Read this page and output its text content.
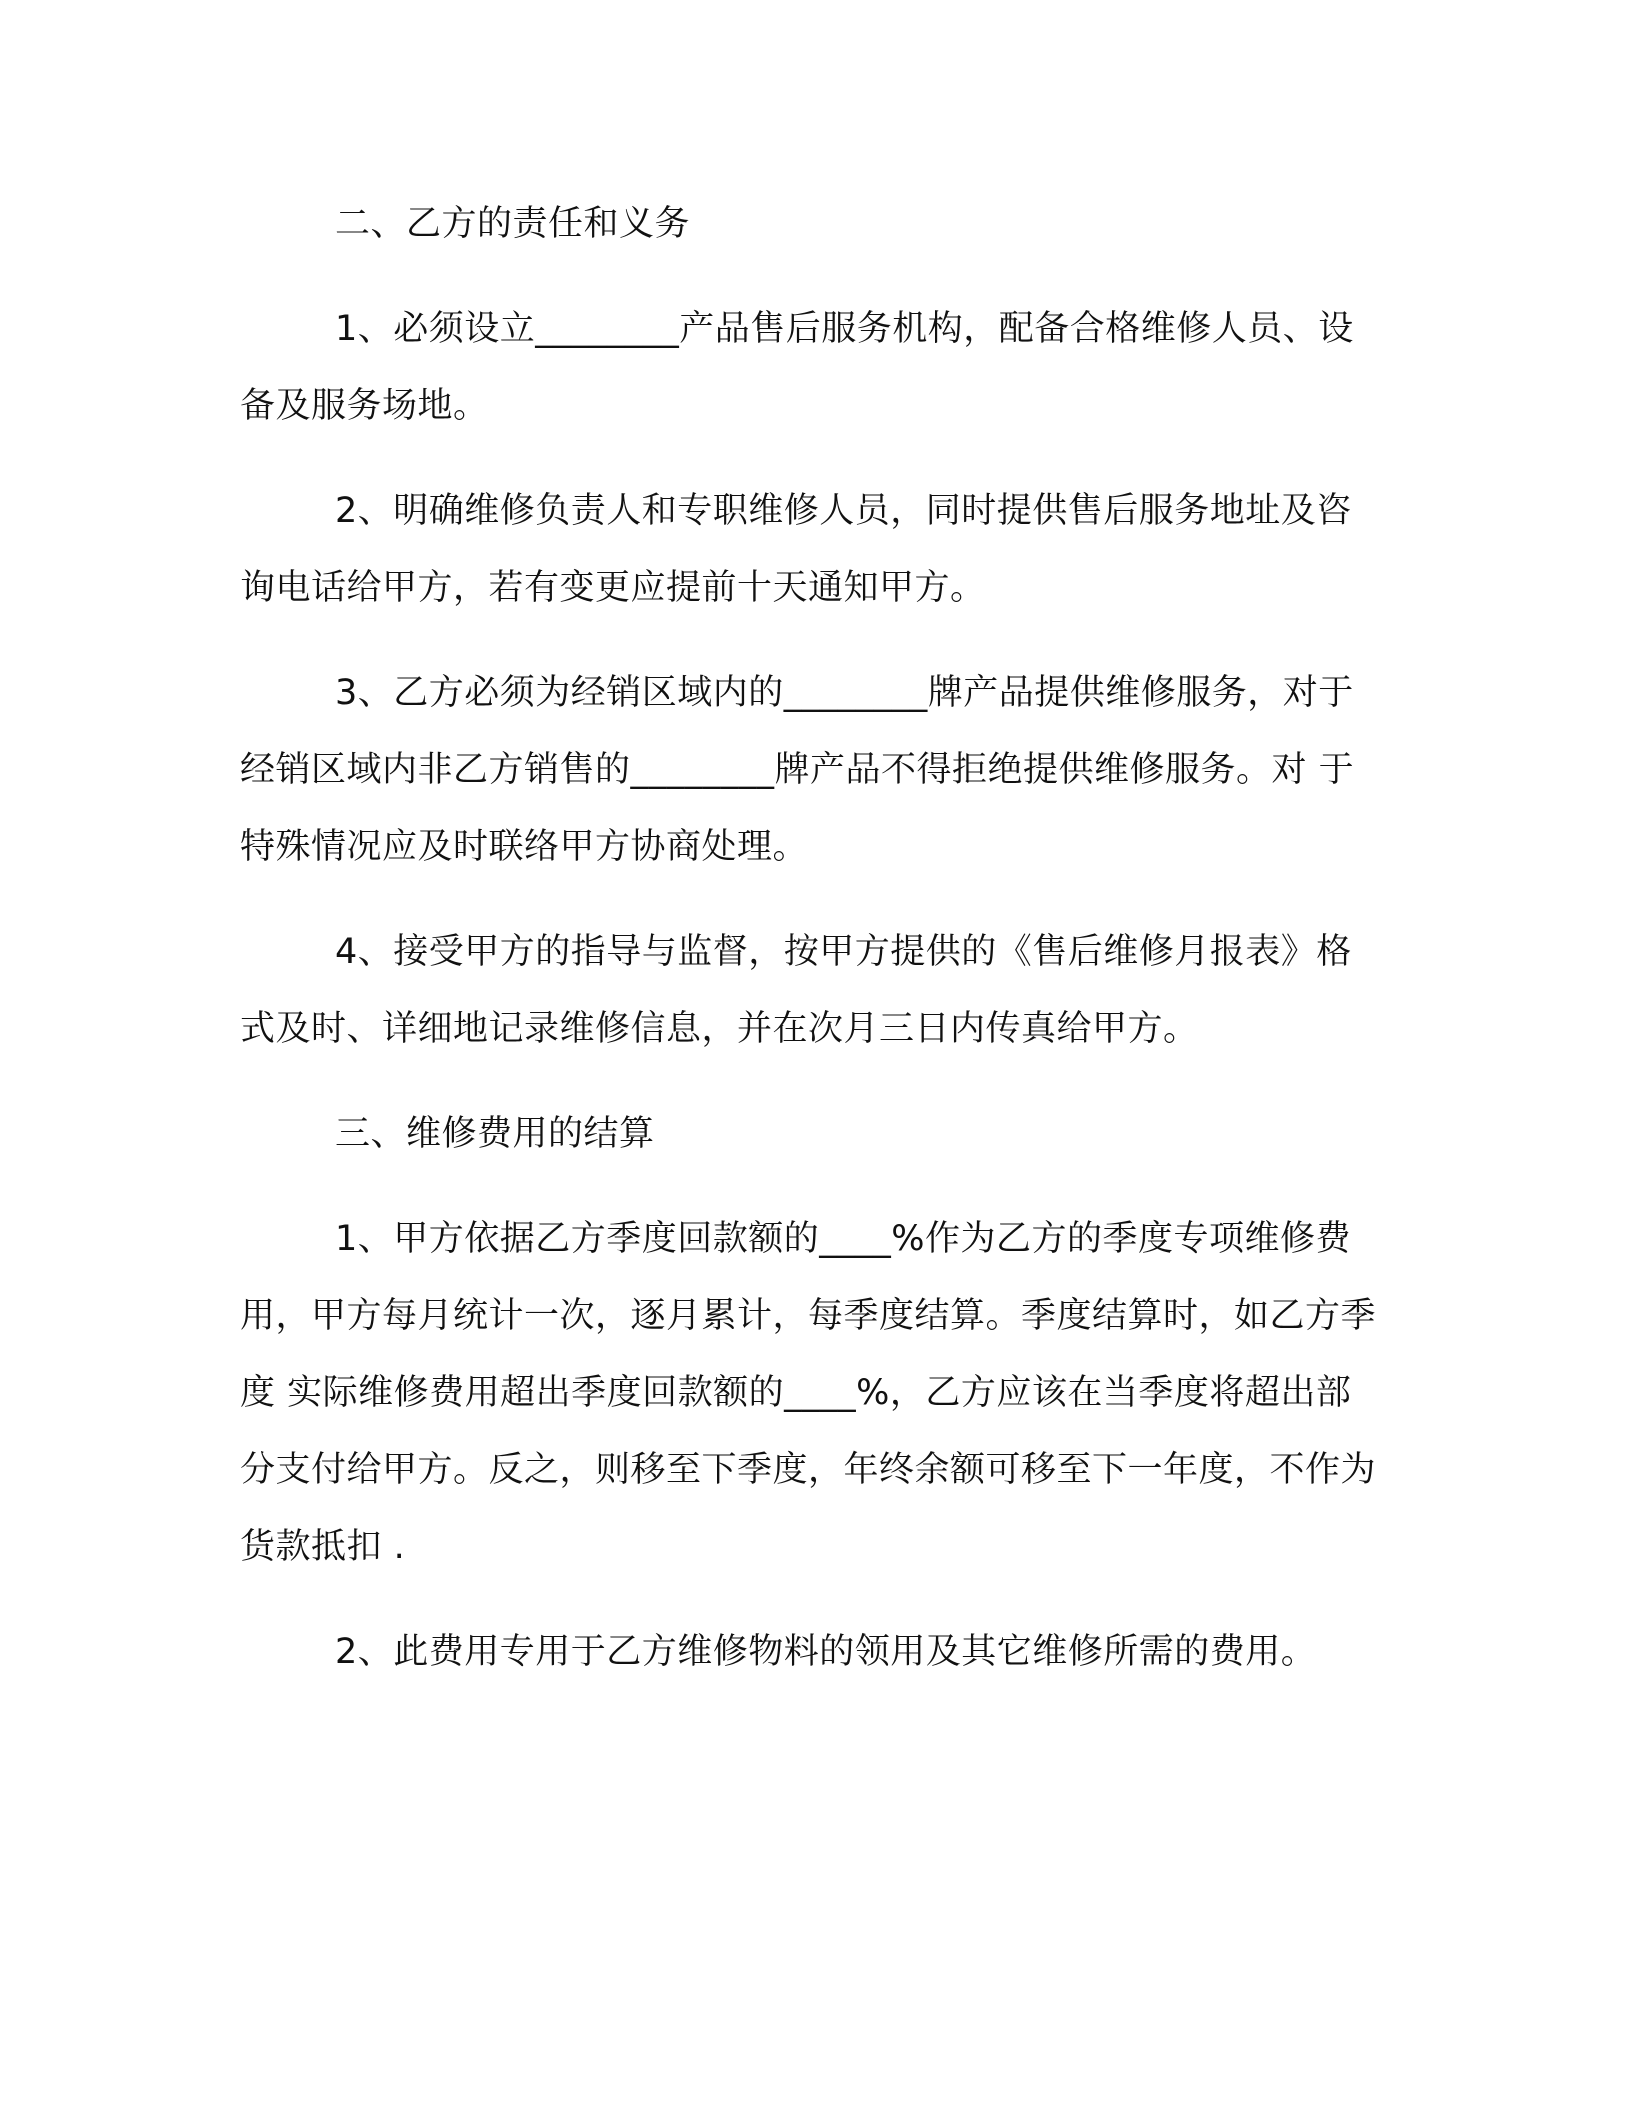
二、乙方的责任和义务

1、必须设立________产品售后服务机构，配备合格维修人员、设备及服务场地。

2、明确维修负责人和专职维修人员，同时提供售后服务地址及咨询电话给甲方，若有变更应提前十天通知甲方。

3、乙方必须为经销区域内的________牌产品提供维修服务，对于经销区域内非乙方销售的________牌产品不得拒绝提供维修服务。对 于特殊情况应及时联络甲方协商处理。

4、接受甲方的指导与监督，按甲方提供的《售后维修月报表》格式及时、详细地记录维修信息，并在次月三日内传真给甲方。

三、维修费用的结算

1、甲方依据乙方季度回款额的____%作为乙方的季度专项维修费用，甲方每月统计一次，逐月累计，每季度结算。季度结算时，如乙方季度 实际维修费用超出季度回款额的____%，乙方应该在当季度将超出部分支付给甲方。反之，则移至下季度，年终余额可移至下一年度，不作为货款抵扣 .

2、此费用专用于乙方维修物料的领用及其它维修所需的费用。
